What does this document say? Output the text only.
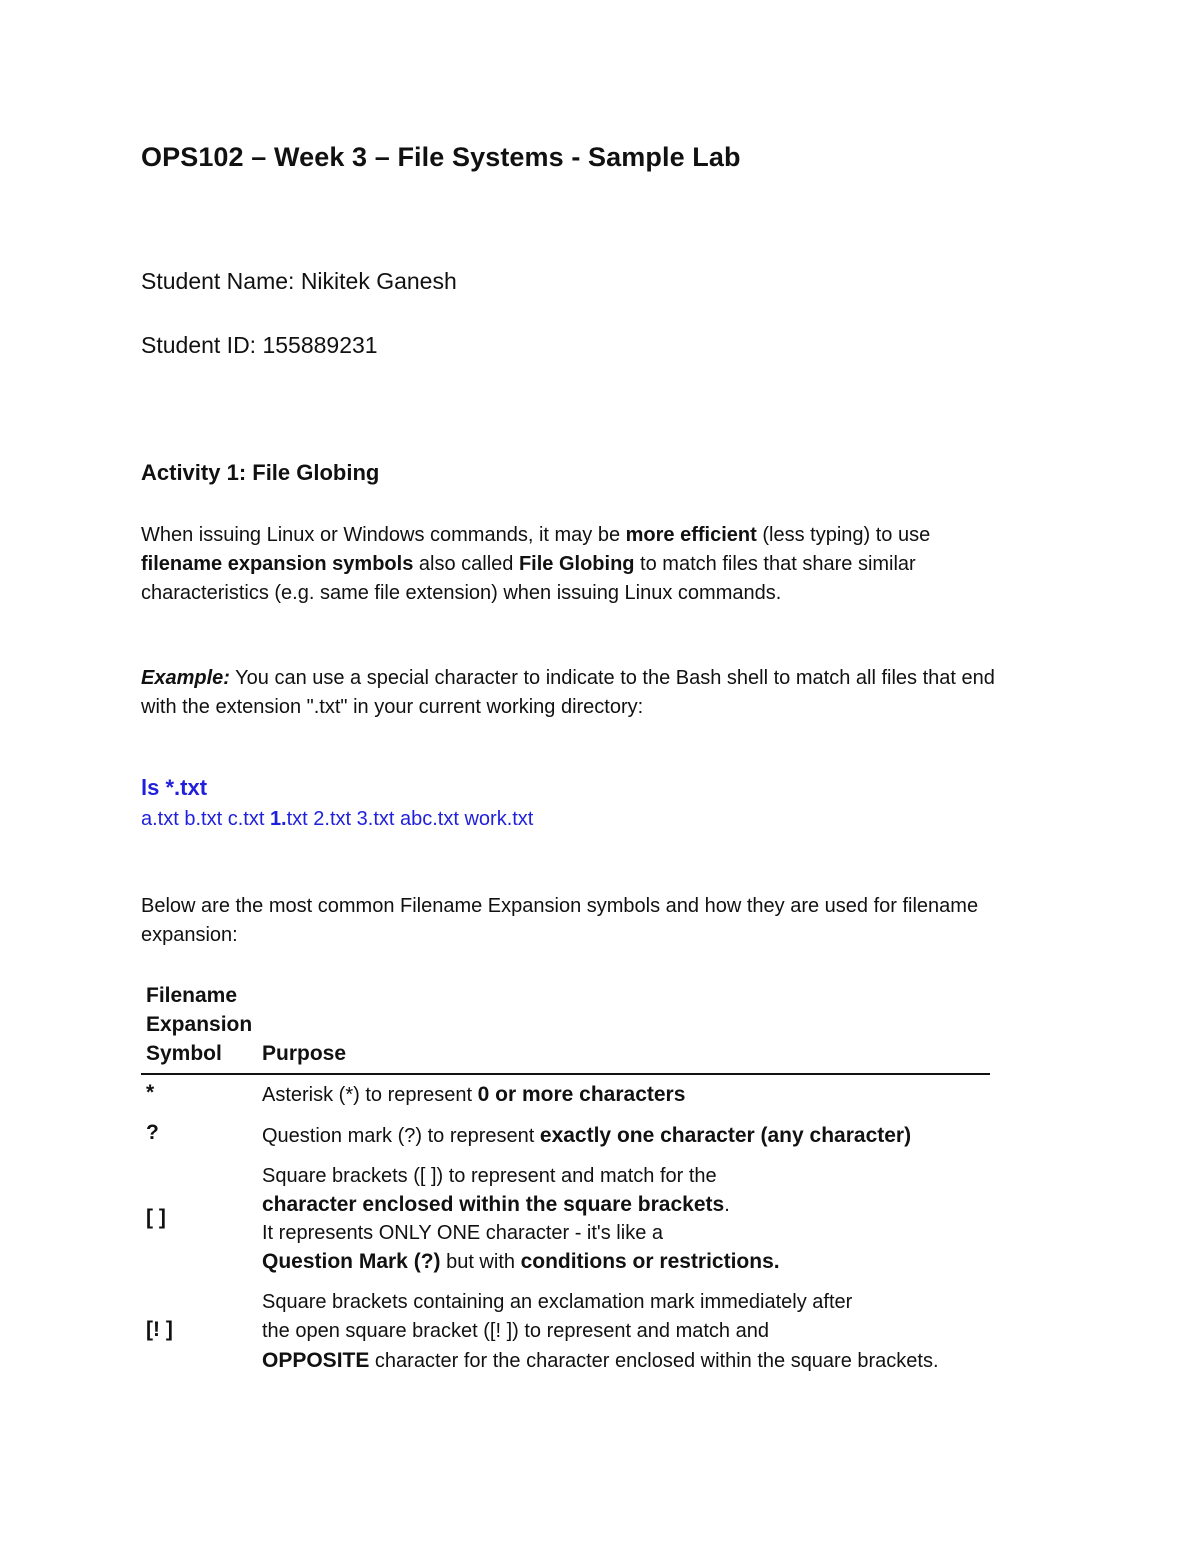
OPS102 – Week 3 – File Systems - Sample Lab
Student Name: Nikitek Ganesh
Student ID: 155889231
Activity 1: File Globing
When issuing Linux or Windows commands, it may be more efficient (less typing) to use
filename expansion symbols also called File Globing to match files that share similar
characteristics (e.g. same file extension) when issuing Linux commands.
Example: You can use a special character to indicate to the Bash shell to match all files that end
with the extension ".txt" in your current working directory:
ls *.txt
a.txt b.txt c.txt 1.txt 2.txt 3.txt abc.txt work.txt
Below are the most common Filename Expansion symbols and how they are used for filename
expansion:
Filename
Expansion
Symbol Purpose
*	Asterisk (*) to represent 0 or more characters
?	Question mark (?) to represent exactly one character (any character)
[ ]
Square brackets ([ ]) to represent and match for the
character enclosed within the square brackets.
It represents ONLY ONE character - it's like a
Question Mark (?) but with conditions or restrictions.
[! ]
Square brackets containing an exclamation mark immediately after
the open square bracket ([! ]) to represent and match and
OPPOSITE character for the character enclosed within the square brackets.
